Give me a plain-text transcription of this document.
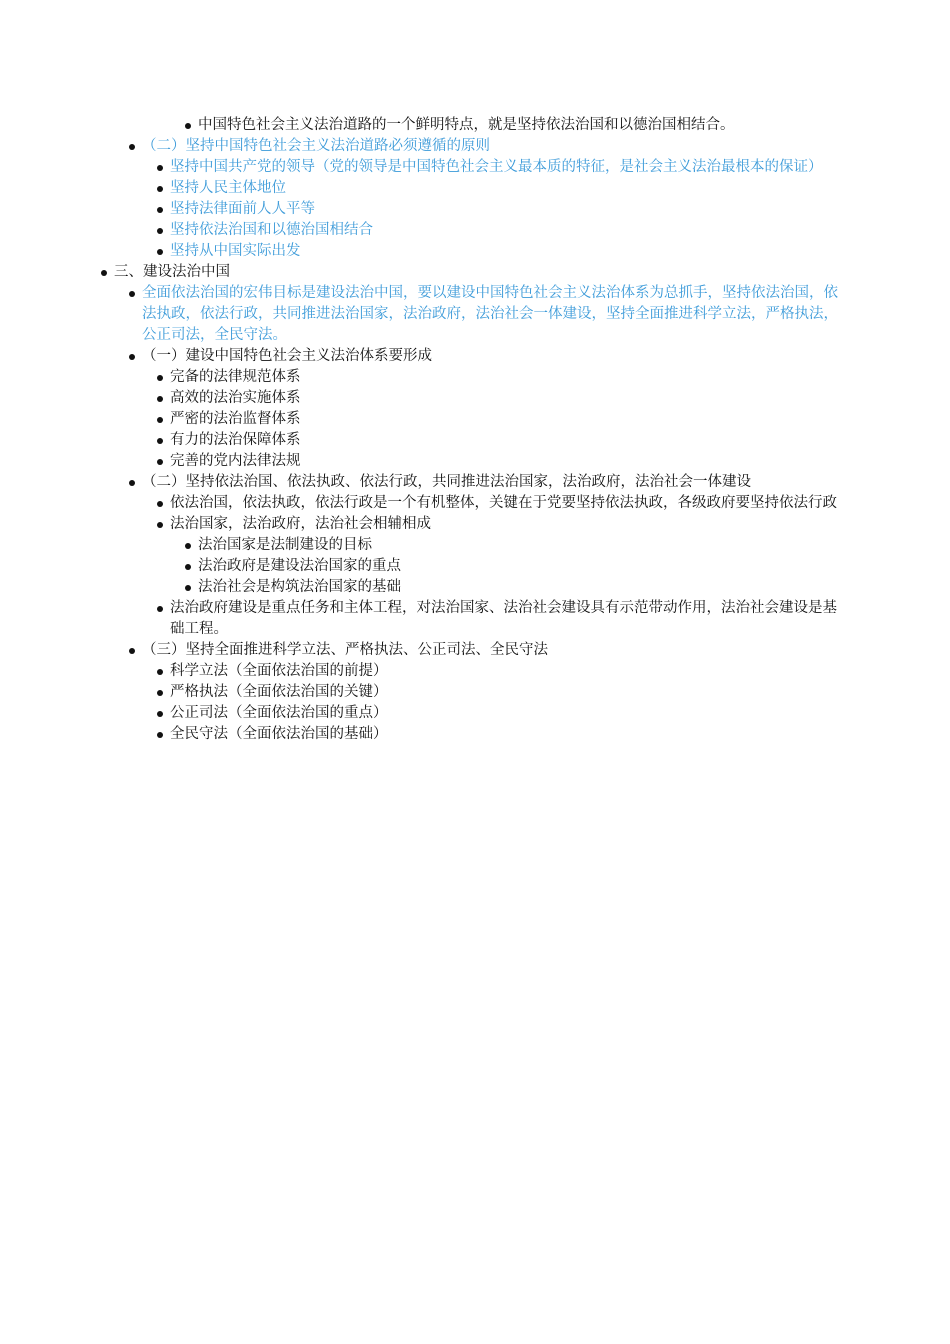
中国特色社会主义法治道路的一个鲜明特点，就是坚持依法治国和以德治国相结合。
（二）坚持中国特色社会主义法治道路必须遵循的原则
坚持中国共产党的领导（党的领导是中国特色社会主义最本质的特征，是社会主义法治最根本的保证）
坚持人民主体地位
坚持法律面前人人平等
坚持依法治国和以德治国相结合
坚持从中国实际出发
三、建设法治中国
全面依法治国的宏伟目标是建设法治中国，要以建设中国特色社会主义法治体系为总抓手，坚持依法治国，依法执政，依法行政，共同推进法治国家，法治政府，法治社会一体建设，坚持全面推进科学立法，严格执法，公正司法，全民守法。
（一）建设中国特色社会主义法治体系要形成
完备的法律规范体系
高效的法治实施体系
严密的法治监督体系
有力的法治保障体系
完善的党内法律法规
（二）坚持依法治国、依法执政、依法行政，共同推进法治国家，法治政府，法治社会一体建设
依法治国，依法执政，依法行政是一个有机整体，关键在于党要坚持依法执政，各级政府要坚持依法行政
法治国家，法治政府，法治社会相辅相成
法治国家是法制建设的目标
法治政府是建设法治国家的重点
法治社会是构筑法治国家的基础
法治政府建设是重点任务和主体工程，对法治国家、法治社会建设具有示范带动作用，法治社会建设是基础工程。
（三）坚持全面推进科学立法、严格执法、公正司法、全民守法
科学立法（全面依法治国的前提）
严格执法（全面依法治国的关键）
公正司法（全面依法治国的重点）
全民守法（全面依法治国的基础）
